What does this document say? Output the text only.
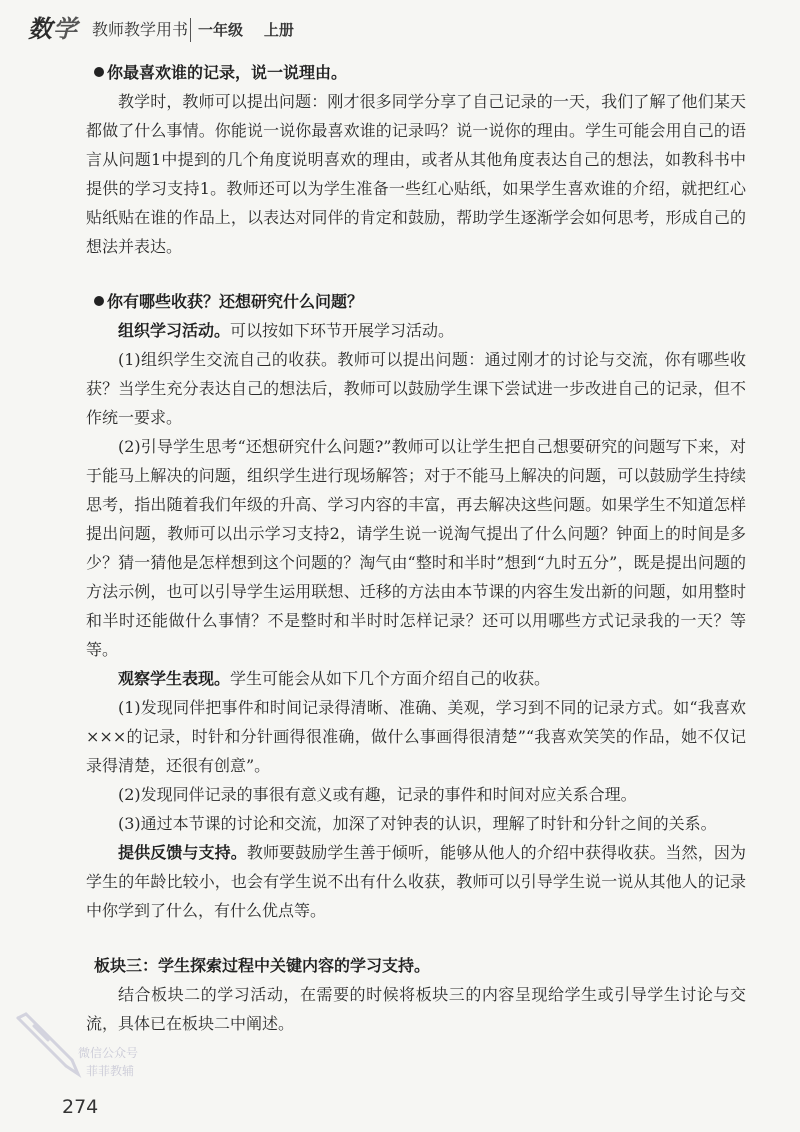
数学 教师教学用书 一年级    上册

你最喜欢谁的记录，说一说理由。

教学时，教师可以提出问题：刚才很多同学分享了自己记录的一天，我们了解了他们某天都做了什么事情。你能说一说你最喜欢谁的记录吗？说一说你的理由。学生可能会用自己的语言从问题1中提到的几个角度说明喜欢的理由，或者从其他角度表达自己的想法，如教科书中提供的学习支持1。教师还可以为学生准备一些红心贴纸，如果学生喜欢谁的介绍，就把红心贴纸贴在谁的作品上，以表达对同伴的肯定和鼓励，帮助学生逐渐学会如何思考，形成自己的想法并表达。

你有哪些收获？还想研究什么问题？

组织学习活动。可以按如下环节开展学习活动。

(1)组织学生交流自己的收获。教师可以提出问题：通过刚才的讨论与交流，你有哪些收获？当学生充分表达自己的想法后，教师可以鼓励学生课下尝试进一步改进自己的记录，但不作统一要求。

(2)引导学生思考“还想研究什么问题?”教师可以让学生把自己想要研究的问题写下来，对于能马上解决的问题，组织学生进行现场解答；对于不能马上解决的问题，可以鼓励学生持续思考，指出随着我们年级的升高、学习内容的丰富，再去解决这些问题。如果学生不知道怎样提出问题，教师可以出示学习支持2，请学生说一说淘气提出了什么问题？钟面上的时间是多少？猜一猜他是怎样想到这个问题的？淘气由“整时和半时”想到“九时五分”，既是提出问题的方法示例，也可以引导学生运用联想、迁移的方法由本节课的内容生发出新的问题，如用整时和半时还能做什么事情？不是整时和半时时怎样记录？还可以用哪些方式记录我的一天？等等。

观察学生表现。学生可能会从如下几个方面介绍自己的收获。

(1)发现同伴把事件和时间记录得清晰、准确、美观，学习到不同的记录方式。如“我喜欢×××的记录，时针和分针画得很准确，做什么事画得很清楚”“我喜欢笑笑的作品，她不仅记录得清楚，还很有创意”。

(2)发现同伴记录的事很有意义或有趣，记录的事件和时间对应关系合理。

(3)通过本节课的讨论和交流，加深了对钟表的认识，理解了时针和分针之间的关系。

提供反馈与支持。教师要鼓励学生善于倾听，能够从他人的介绍中获得收获。当然，因为学生的年龄比较小，也会有学生说不出有什么收获，教师可以引导学生说一说从其他人的记录中你学到了什么，有什么优点等。

板块三：学生探索过程中关键内容的学习支持。

结合板块二的学习活动，在需要的时候将板块三的内容呈现给学生或引导学生讨论与交流，具体已在板块二中阐述。

微信公众号
菲菲教辅
274
